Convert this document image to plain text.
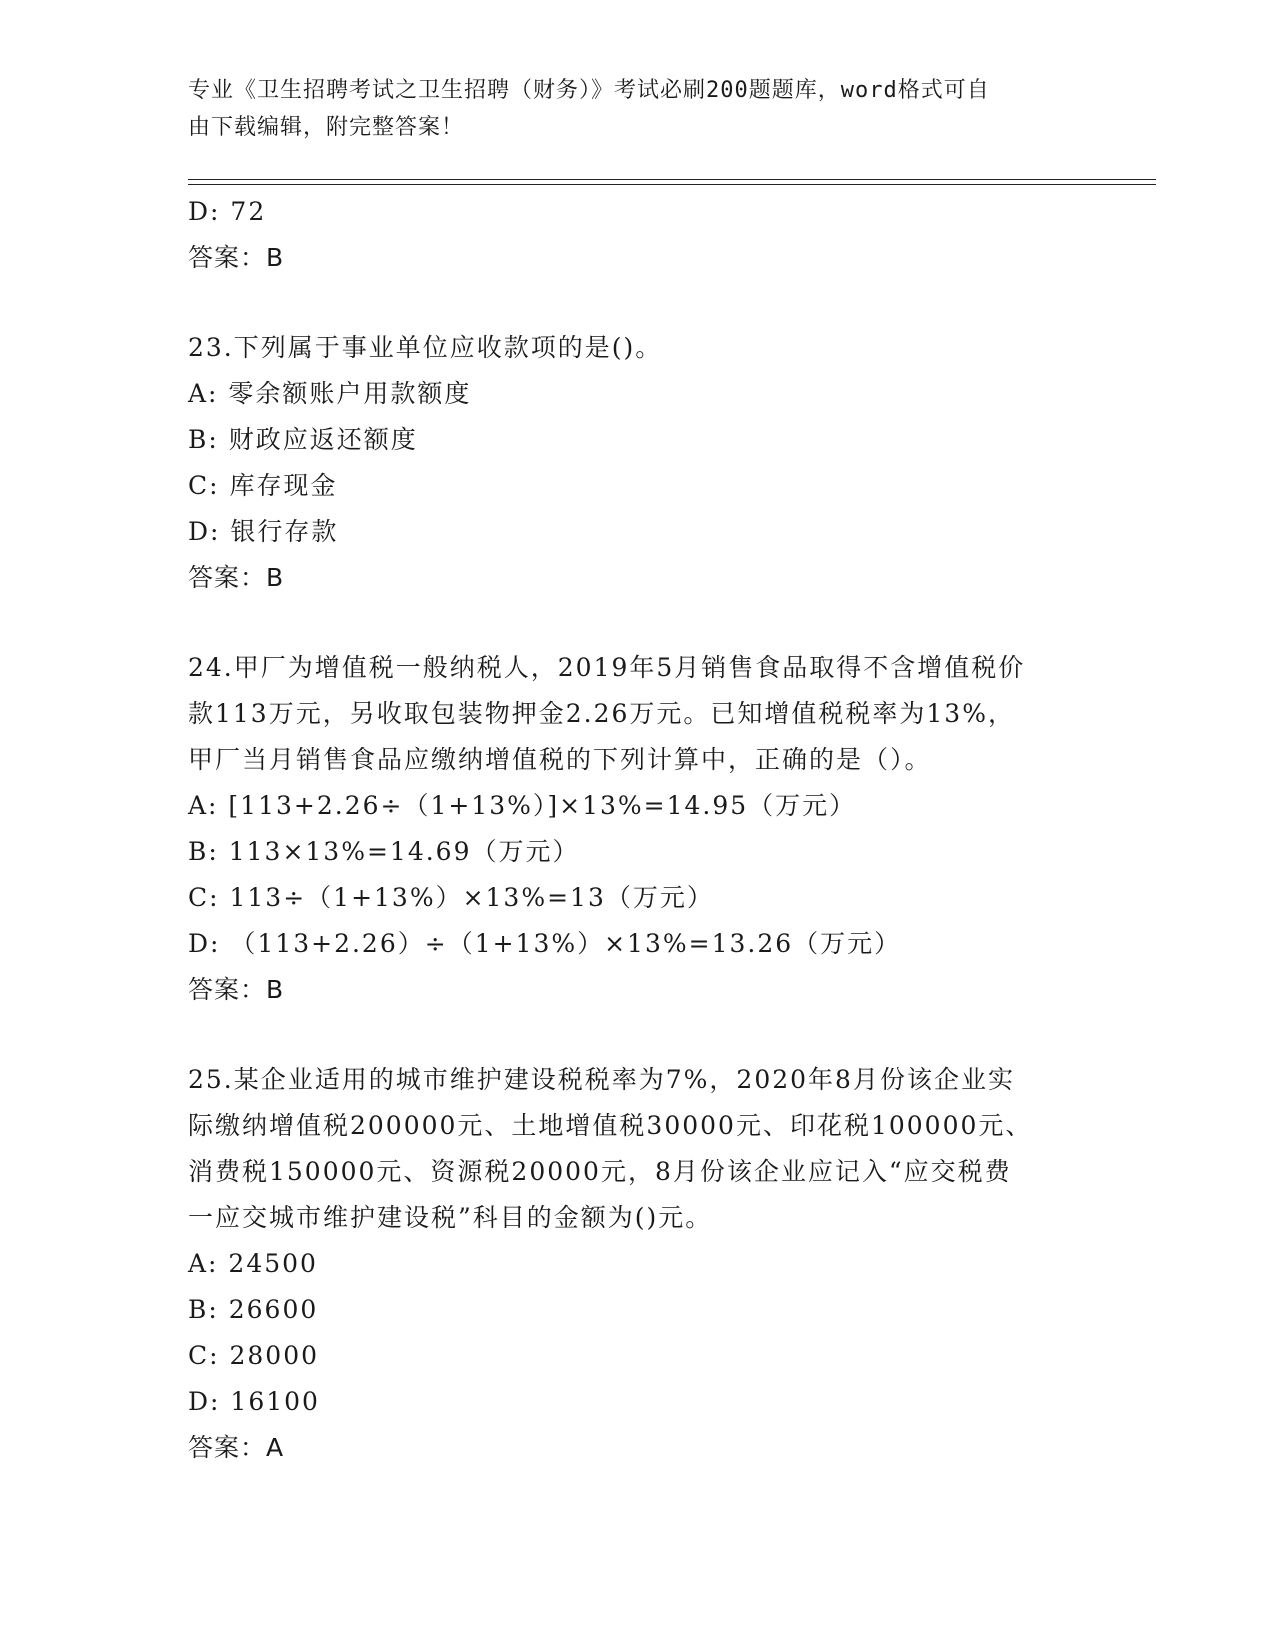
专业《卫生招聘考试之卫生招聘（财务）》考试必刷200题题库，word格式可自
由下载编辑，附完整答案！
D: 72
答案：B
23.下列属于事业单位应收款项的是()。
A: 零余额账户用款额度
B: 财政应返还额度
C: 库存现金
D: 银行存款
答案：B
24.甲厂为增值税一般纳税人，2019年5月销售食品取得不含增值税价
款113万元，另收取包装物押金2.26万元。已知增值税税率为13%，
甲厂当月销售食品应缴纳增值税的下列计算中，正确的是（）。
A: [113+2.26÷（1+13%）]×13%=14.95（万元）
B: 113×13%=14.69（万元）
C: 113÷（1+13%）×13%=13（万元）
D: （113+2.26）÷（1+13%）×13%=13.26（万元）
答案：B
25.某企业适用的城市维护建设税税率为7%，2020年8月份该企业实
际缴纳增值税200000元、土地增值税30000元、印花税100000元、
消费税150000元、资源税20000元，8月份该企业应记入“应交税费
一应交城市维护建设税”科目的金额为()元。
A: 24500
B: 26600
C: 28000
D: 16100
答案：A
